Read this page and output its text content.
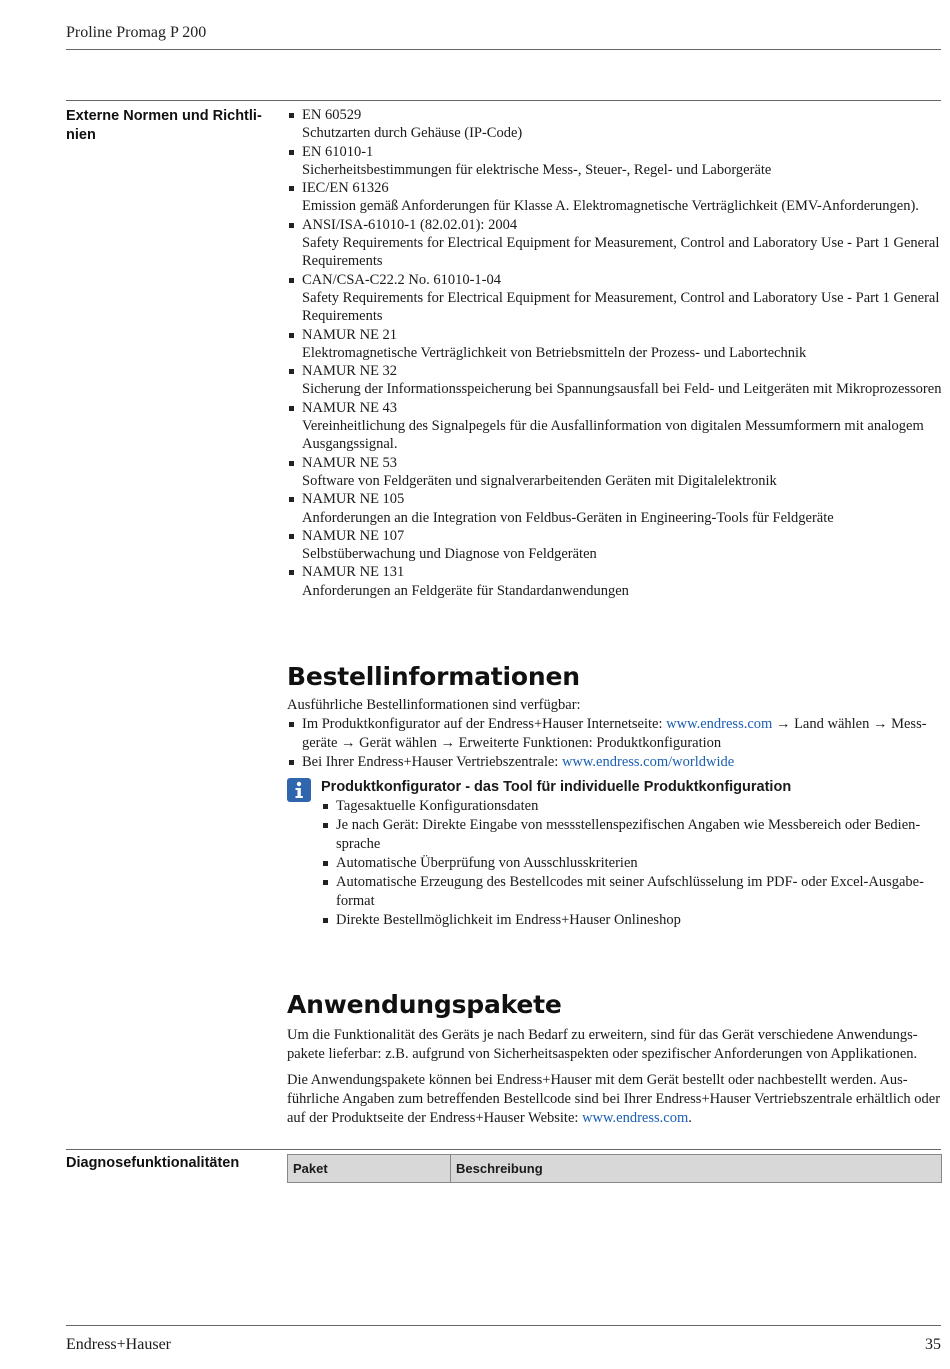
Proline Promag P 200
Externe Normen und Richtli-
nien
EN 60529
Schutzarten durch Gehäuse (IP-Code)
EN 61010-1
Sicherheitsbestimmungen für elektrische Mess-, Steuer-, Regel- und Laborgeräte
IEC/EN 61326
Emission gemäß Anforderungen für Klasse A. Elektromagnetische Verträglichkeit (EMV-Anforderungen).
ANSI/ISA-61010-1 (82.02.01): 2004
Safety Requirements for Electrical Equipment for Measurement, Control and Laboratory Use - Part 1 General Requirements
CAN/CSA-C22.2 No. 61010-1-04
Safety Requirements for Electrical Equipment for Measurement, Control and Laboratory Use - Part 1 General Requirements
NAMUR NE 21
Elektromagnetische Verträglichkeit von Betriebsmitteln der Prozess- und Labortechnik
NAMUR NE 32
Sicherung der Informationsspeicherung bei Spannungsausfall bei Feld- und Leitgeräten mit Mikroprozessoren
NAMUR NE 43
Vereinheitlichung des Signalpegels für die Ausfallinformation von digitalen Messumformern mit analogem Ausgangssignal.
NAMUR NE 53
Software von Feldgeräten und signalverarbeitenden Geräten mit Digitalelektronik
NAMUR NE 105
Anforderungen an die Integration von Feldbus-Geräten in Engineering-Tools für Feldgeräte
NAMUR NE 107
Selbstüberwachung und Diagnose von Feldgeräten
NAMUR NE 131
Anforderungen an Feldgeräte für Standardanwendungen
Bestellinformationen

Ausführliche Bestellinformationen sind verfügbar:

Im Produktkonfigurator auf der Endress+Hauser Internetseite: www.endress.com → Land wählen → Mess-geräte → Gerät wählen → Erweiterte Funktionen: Produktkonfiguration
Bei Ihrer Endress+Hauser Vertriebszentrale: www.endress.com/worldwide
Produktkonfigurator - das Tool für individuelle Produktkonfiguration
Tagesaktuelle Konfigurationsdaten
Je nach Gerät: Direkte Eingabe von messstellenspezifischen Angaben wie Messbereich oder Bedien-sprache
Automatische Überprüfung von Ausschlusskriterien
Automatische Erzeugung des Bestellcodes mit seiner Aufschlüsselung im PDF- oder Excel-Ausgabe-format
Direkte Bestellmöglichkeit im Endress+Hauser Onlineshop
Anwendungspakete

Um die Funktionalität des Geräts je nach Bedarf zu erweitern, sind für das Gerät verschiedene Anwendungs-pakete lieferbar: z.B. aufgrund von Sicherheitsaspekten oder spezifischer Anforderungen von Applikationen.

Die Anwendungspakete können bei Endress+Hauser mit dem Gerät bestellt oder nachbestellt werden. Aus-führliche Angaben zum betreffenden Bestellcode sind bei Ihrer Endress+Hauser Vertriebszentrale erhältlich oder auf der Produktseite der Endress+Hauser Website: www.endress.com.

Diagnosefunktionalitäten	Paket	Beschreibung
Endress+Hauser	35
